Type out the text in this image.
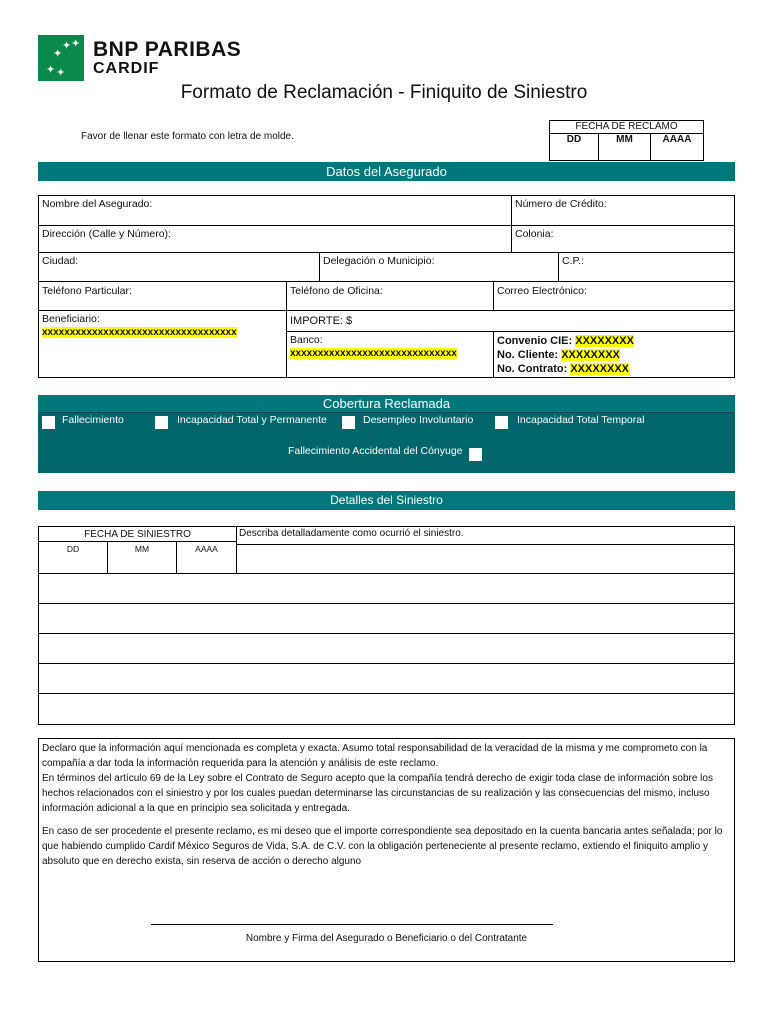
✦ ✦
✦
✦ ✦
BNP PARIBAS
CARDIF
Formato de Reclamación - Finiquito de Siniestro
Favor de llenar este formato con letra de molde.
FECHA DE RECLAMO
DD	MM	AAAA
Datos del Asegurado
Nombre del Asegurado:	Número de Crédito:
Dirección (Calle y Número):	Colonia:
Ciudad:	Delegación o Municipio:	C.P.:
Teléfono Particular:	Teléfono de Oficina:	Correo Electrónico:
Beneficiario:
xxxxxxxxxxxxxxxxxxxxxxxxxxxxxxxxxxx
IMPORTE: $
Banco:
xxxxxxxxxxxxxxxxxxxxxxxxxxxxxx
Convenio CIE: XXXXXXXX
No. Cliente: XXXXXXXX
No. Contrato: XXXXXXXX
Cobertura Reclamada
Fallecimiento	Incapacidad Total y Permanente	Desempleo Involuntario	Incapacidad Total Temporal
Fallecimiento Accidental del Cónyuge
Detalles del Siniestro
FECHA DE SINIESTRO
DD	MM	AAAA
Describa detalladamente como ocurrió el siniestro.

Declaro que la información aquí mencionada es completa y exacta. Asumo total responsabilidad de la veracidad de la misma y me comprometo con la compañía a dar toda la información requerida para la atención y análisis de este reclamo.

En términos del artículo 69 de la Ley sobre el Contrato de Seguro acepto que la compañía tendrá derecho de exigir toda clase de información sobre los hechos relacionados con el siniestro y por los cuales puedan determinarse las circunstancias de su realización y las consecuencias del mismo, incluso información adicional a la que en principio sea solicitada y entregada.

En caso de ser procedente el presente reclamo, es mi deseo que el importe correspondiente sea depositado en la cuenta bancaria antes señalada; por lo que habiendo cumplido Cardif México Seguros de Vida, S.A. de C.V. con la obligación perteneciente al presente reclamo, extiendo el finiquito amplio y absoluto que en derecho exista, sin reserva de acción o derecho alguno

Nombre y Firma del Asegurado o Beneficiario o del Contratante
